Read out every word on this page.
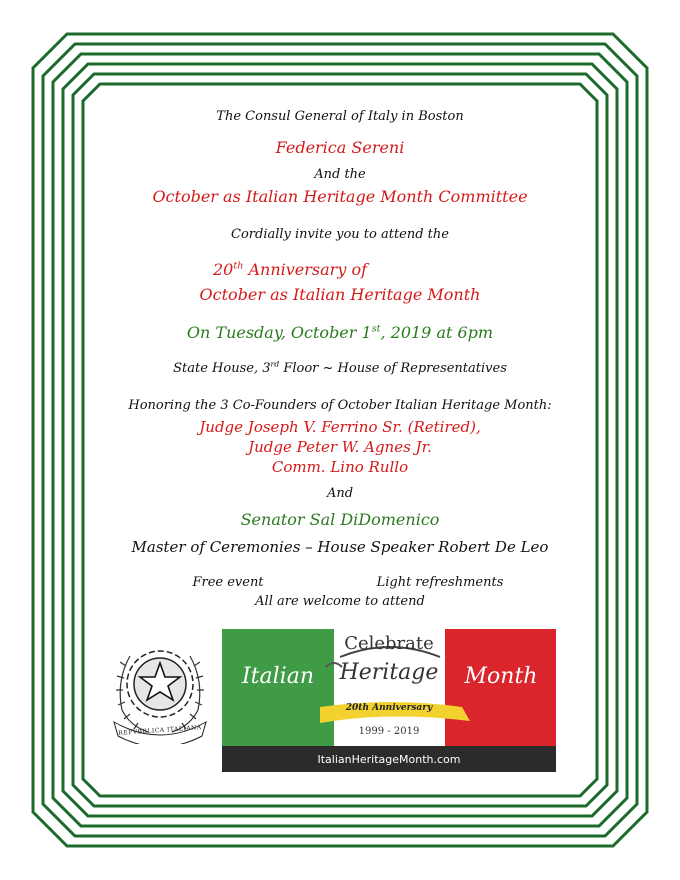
The Consul General of Italy in Boston
Federica Sereni
And the
October as Italian Heritage Month Committee
Cordially invite you to attend the
20th Anniversary of
October as Italian Heritage Month
On Tuesday, October 1st, 2019 at 6pm
State House, 3rd Floor ~ House of Representatives
Honoring the 3 Co-Founders of October Italian Heritage Month:
Judge Joseph V. Ferrino Sr. (Retired),
Judge Peter W. Agnes Jr.
Comm. Lino Rullo
And
Senator Sal DiDomenico
Master of Ceremonies – House Speaker Robert De Leo
Free event	Light refreshments
All are welcome to attend
REPVBBLICA ITALIANA
Italian
Celebrate
Heritage	Month
20th Anniversary
1999 - 2019
ItalianHeritageMonth.com
